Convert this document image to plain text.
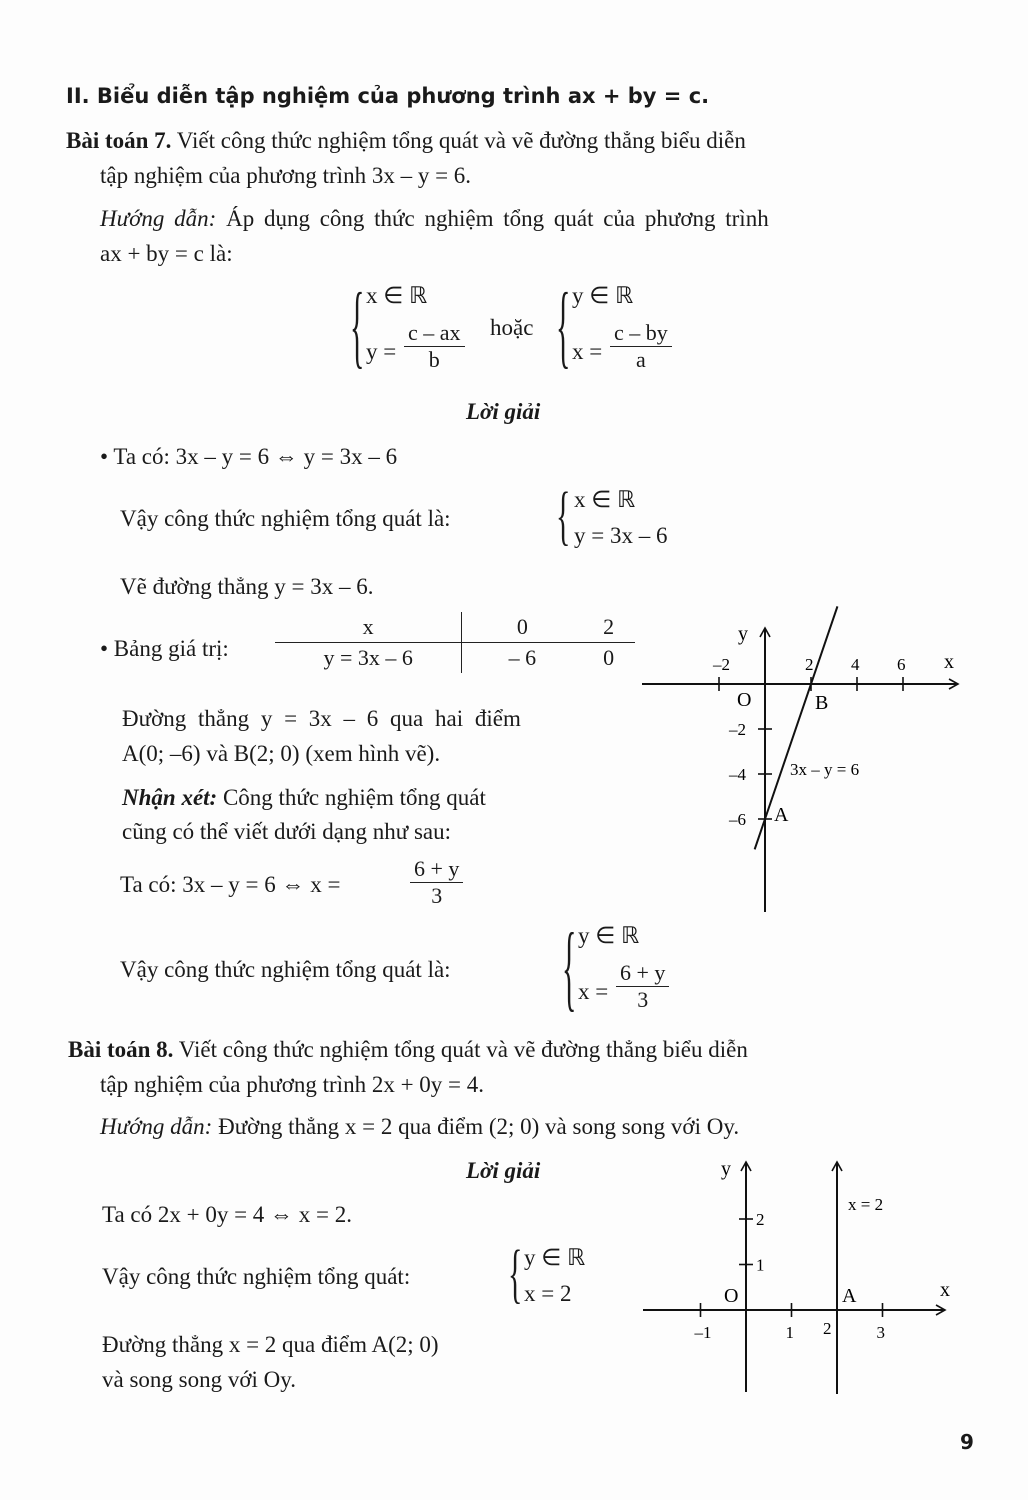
II. Biểu diễn tập nghiệm của phương trình ax + by = c.
Bài toán 7. Viết công thức nghiệm tổng quát và vẽ đường thẳng biểu diễn
tập nghiệm của phương trình 3x – y = 6.
Hướng dẫn: Áp dụng công thức nghiệm tổng quát của phương trình
ax + by = c là:
{ x ∈ ℝ
$y = \frac{c - ax}{b}$ hoặc { y ∈ ℝ
$x = \frac{c - by}{a}$
Lời giải
• Ta có: 3x – y = 6 ⇔ y = 3x – 6
Vậy công thức nghiệm tổng quát là:	{ x ∈ ℝ
y = 3x – 6
Vẽ đường thẳng y = 3x – 6.
• Bảng giá trị:
x	0	2
y = 3x – 6	– 6	0
Đường thẳng y = 3x – 6 qua hai điểm
A(0; –6) và B(2; 0) (xem hình vẽ).
Nhận xét: Công thức nghiệm tổng quát
cũng có thể viết dưới dạng như sau:
Ta có: 3x – y = 6 ⇔ x =	$\frac{6 + y}{3}$
Vậy công thức nghiệm tổng quát là:	{ y ∈ ℝ
$x = \frac{6 + y}{3}$
–2	2 4 6
–2
–4
–6
y
x
O	B
A
3x – y = 6
–1	1 2	3
1
2
y
x
O	A
x = 2
Bài toán 8. Viết công thức nghiệm tổng quát và vẽ đường thẳng biểu diễn
tập nghiệm của phương trình 2x + 0y = 4.
Hướng dẫn: Đường thẳng x = 2 qua điểm (2; 0) và song song với Oy.
Lời giải
Ta có 2x + 0y = 4 ⇔ x = 2.
Vậy công thức nghiệm tổng quát:	{ y ∈ ℝ
x = 2
Đường thẳng x = 2 qua điểm A(2; 0)
và song song với Oy.
9
